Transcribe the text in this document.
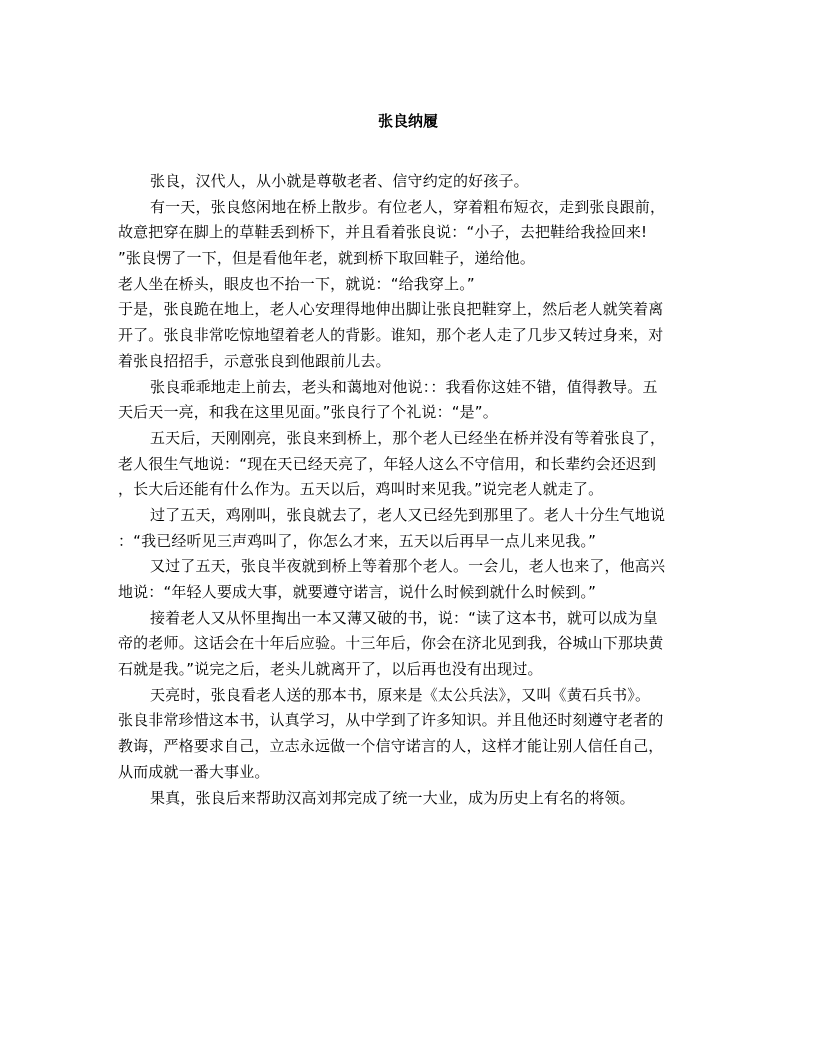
张良纳履
张良，汉代人，从小就是尊敬老者、信守约定的好孩子。
有一天，张良悠闲地在桥上散步。有位老人，穿着粗布短衣，走到张良跟前，
故意把穿在脚上的草鞋丢到桥下，并且看着张良说：“小子，去把鞋给我捡回来!
”张良愣了一下，但是看他年老，就到桥下取回鞋子，递给他。
老人坐在桥头，眼皮也不抬一下，就说：“给我穿上。”
于是，张良跪在地上，老人心安理得地伸出脚让张良把鞋穿上，然后老人就笑着离
开了。张良非常吃惊地望着老人的背影。谁知，那个老人走了几步又转过身来，对
着张良招招手，示意张良到他跟前儿去。
张良乖乖地走上前去，老头和蔼地对他说：：我看你这娃不错，值得教导。五
天后天一亮，和我在这里见面。”张良行了个礼说：“是”。
五天后，天刚刚亮，张良来到桥上，那个老人已经坐在桥并没有等着张良了，
老人很生气地说：“现在天已经天亮了，年轻人这么不守信用，和长辈约会还迟到
，长大后还能有什么作为。五天以后，鸡叫时来见我。”说完老人就走了。
过了五天，鸡刚叫，张良就去了，老人又已经先到那里了。老人十分生气地说
：“我已经听见三声鸡叫了，你怎么才来，五天以后再早一点儿来见我。”
又过了五天，张良半夜就到桥上等着那个老人。一会儿，老人也来了，他高兴
地说：“年轻人要成大事，就要遵守诺言，说什么时候到就什么时候到。”
接着老人又从怀里掏出一本又薄又破的书，说：“读了这本书，就可以成为皇
帝的老师。这话会在十年后应验。十三年后，你会在济北见到我，谷城山下那块黄
石就是我。”说完之后，老头儿就离开了，以后再也没有出现过。
天亮时，张良看老人送的那本书，原来是《太公兵法》，又叫《黄石兵书》。
张良非常珍惜这本书，认真学习，从中学到了许多知识。并且他还时刻遵守老者的
教诲，严格要求自己，立志永远做一个信守诺言的人，这样才能让别人信任自己，
从而成就一番大事业。
果真，张良后来帮助汉高刘邦完成了统一大业，成为历史上有名的将领。
